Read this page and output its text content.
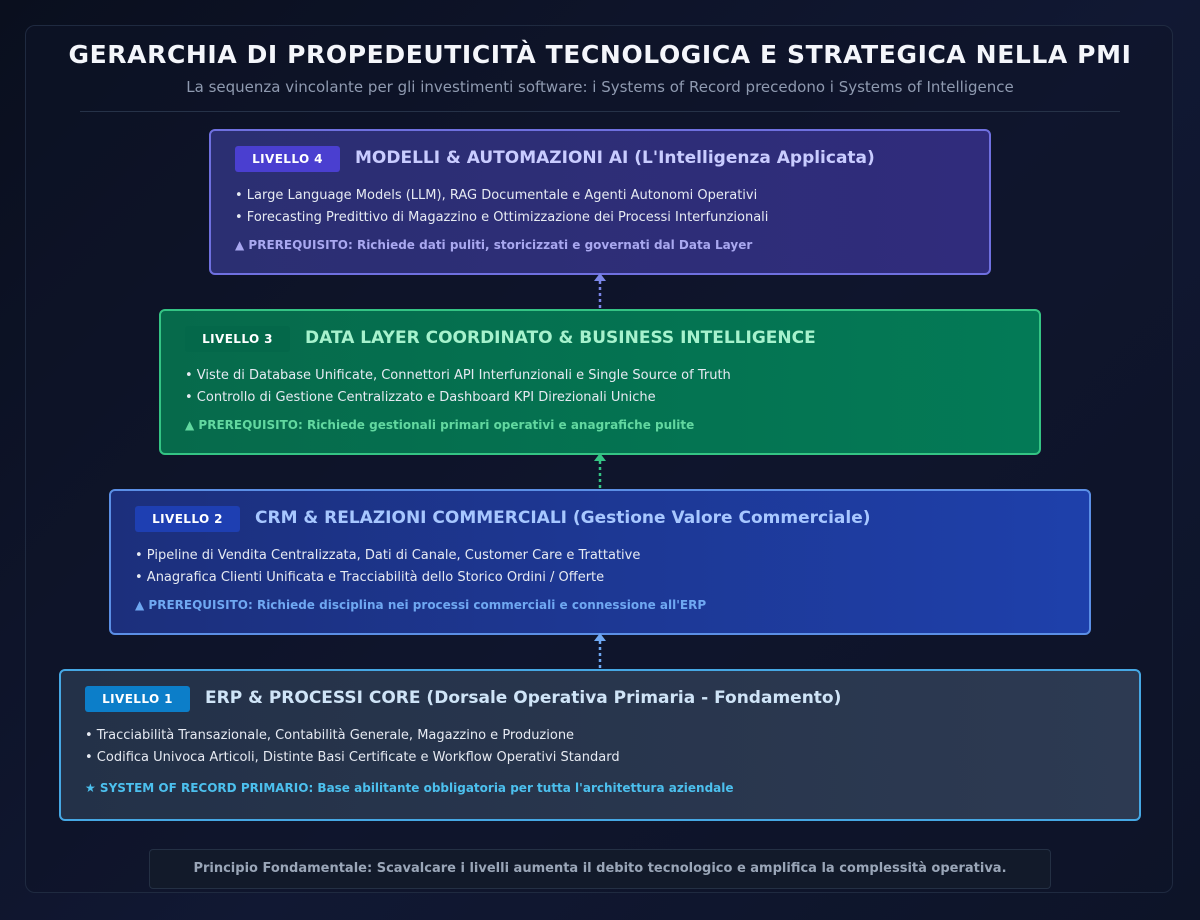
GERARCHIA DI PROPEDEUTICITÀ TECNOLOGICA E STRATEGICA NELLA PMI
La sequenza vincolante per gli investimenti software: i Systems of Record precedono i Systems of Intelligence
LIVELLO 4	MODELLI & AUTOMAZIONI AI (L'Intelligenza Applicata)
• Large Language Models (LLM), RAG Documentale e Agenti Autonomi Operativi
• Forecasting Predittivo di Magazzino e Ottimizzazione dei Processi Interfunzionali
▲ PREREQUISITO: Richiede dati puliti, storicizzati e governati dal Data Layer
LIVELLO 3	DATA LAYER COORDINATO & BUSINESS INTELLIGENCE
• Viste di Database Unificate, Connettori API Interfunzionali e Single Source of Truth
• Controllo di Gestione Centralizzato e Dashboard KPI Direzionali Uniche
▲ PREREQUISITO: Richiede gestionali primari operativi e anagrafiche pulite
LIVELLO 2	CRM & RELAZIONI COMMERCIALI (Gestione Valore Commerciale)
• Pipeline di Vendita Centralizzata, Dati di Canale, Customer Care e Trattative
• Anagrafica Clienti Unificata e Tracciabilità dello Storico Ordini / Offerte
▲ PREREQUISITO: Richiede disciplina nei processi commerciali e connessione all'ERP
LIVELLO 1	ERP & PROCESSI CORE (Dorsale Operativa Primaria - Fondamento)
• Tracciabilità Transazionale, Contabilità Generale, Magazzino e Produzione
• Codifica Univoca Articoli, Distinte Basi Certificate e Workflow Operativi Standard
★ SYSTEM OF RECORD PRIMARIO: Base abilitante obbligatoria per tutta l'architettura aziendale
Principio Fondamentale: Scavalcare i livelli aumenta il debito tecnologico e amplifica la complessità operativa.
